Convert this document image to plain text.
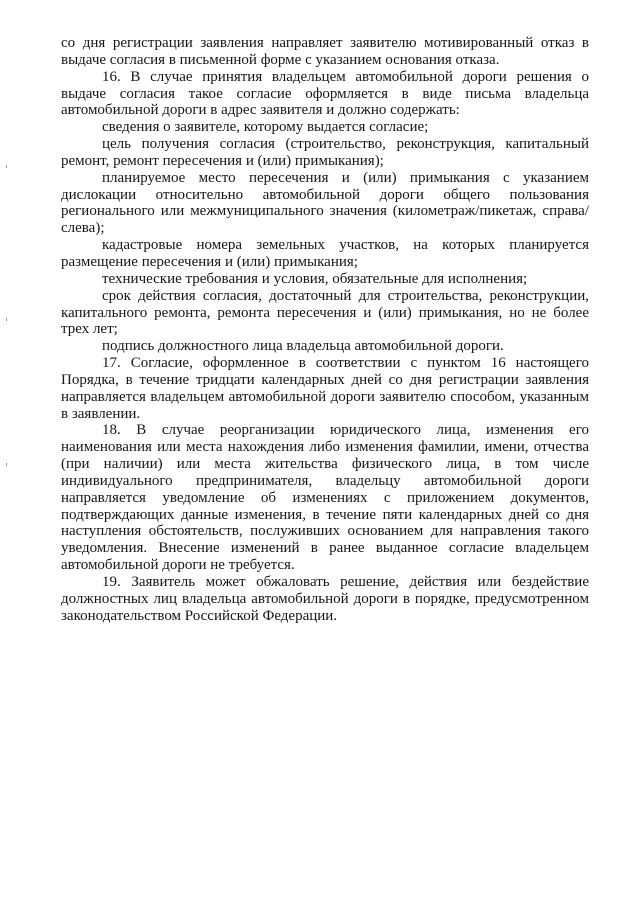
со дня регистрации заявления направляет заявителю мотивированный отказ в выдаче согласия в письменной форме с указанием основания отказа.

16. В случае принятия владельцем автомобильной дороги решения о выдаче согласия такое согласие оформляется в виде письма владельца автомобильной дороги в адрес заявителя и должно содержать:

сведения о заявителе, которому выдается согласие;

цель получения согласия (строительство, реконструкция, капитальный ремонт, ремонт пересечения и (или) примыкания);

планируемое место пересечения и (или) примыкания с указанием дислокации относительно автомобильной дороги общего пользования регионального или межмуниципального значения (километраж/пикетаж, справа/слева);

кадастровые номера земельных участков, на которых планируется размещение пересечения и (или) примыкания;

технические требования и условия, обязательные для исполнения;

срок действия согласия, достаточный для строительства, реконструкции, капитального ремонта, ремонта пересечения и (или) примыкания, но не более трех лет;

подпись должностного лица владельца автомобильной дороги.

17. Согласие, оформленное в соответствии с пунктом 16 настоящего Порядка, в течение тридцати календарных дней со дня регистрации заявления направляется владельцем автомобильной дороги заявителю способом, указанным в заявлении.

18. В случае реорганизации юридического лица, изменения его наименования или места нахождения либо изменения фамилии, имени, отчества (при наличии) или места жительства физического лица, в том числе индивидуального предпринимателя, владельцу автомобильной дороги направляется уведомление об изменениях с приложением документов, подтверждающих данные изменения, в течение пяти календарных дней со дня наступления обстоятельств, послуживших основанием для направления такого уведомления. Внесение изменений в ранее выданное согласие владельцем автомобильной дороги не требуется.

19. Заявитель может обжаловать решение, действия или бездействие должностных лиц владельца автомобильной дороги в порядке, предусмотренном законодательством Российской Федерации.
